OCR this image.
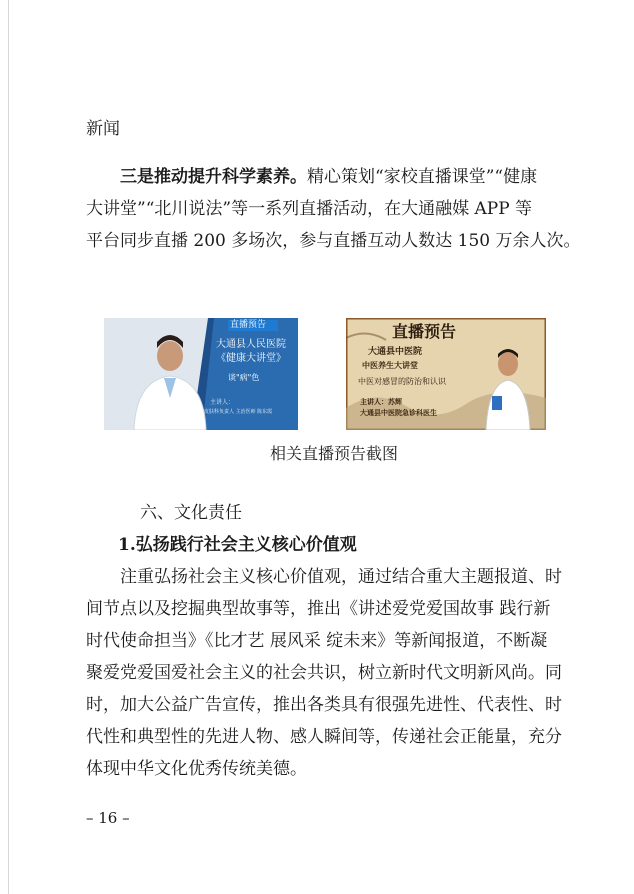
新闻
三是推动提升科学素养。精心策划“家校直播课堂”“健康
大讲堂”“北川说法”等一系列直播活动，在大通融媒 APP 等
平台同步直播 200 多场次，参与直播互动人数达 150 万余人次。
直播预告
大通县人民医院
《健康大讲堂》
谈"病"色
主讲人：
皮肤科负责人 主治医师 陈东霞
直播预告
大通县中医院
中医养生大讲堂
中医对感冒的防治和认识
主讲人：苏辉
大通县中医院急诊科医生
相关直播预告截图
六、文化责任
1.弘扬践行社会主义核心价值观
注重弘扬社会主义核心价值观，通过结合重大主题报道、时
间节点以及挖掘典型故事等，推出《讲述爱党爱国故事 践行新
时代使命担当》《比才艺 展风采 绽未来》等新闻报道，不断凝
聚爱党爱国爱社会主义的社会共识，树立新时代文明新风尚。同
时，加大公益广告宣传，推出各类具有很强先进性、代表性、时
代性和典型性的先进人物、感人瞬间等，传递社会正能量，充分
体现中华文化优秀传统美德。
– 16 –
